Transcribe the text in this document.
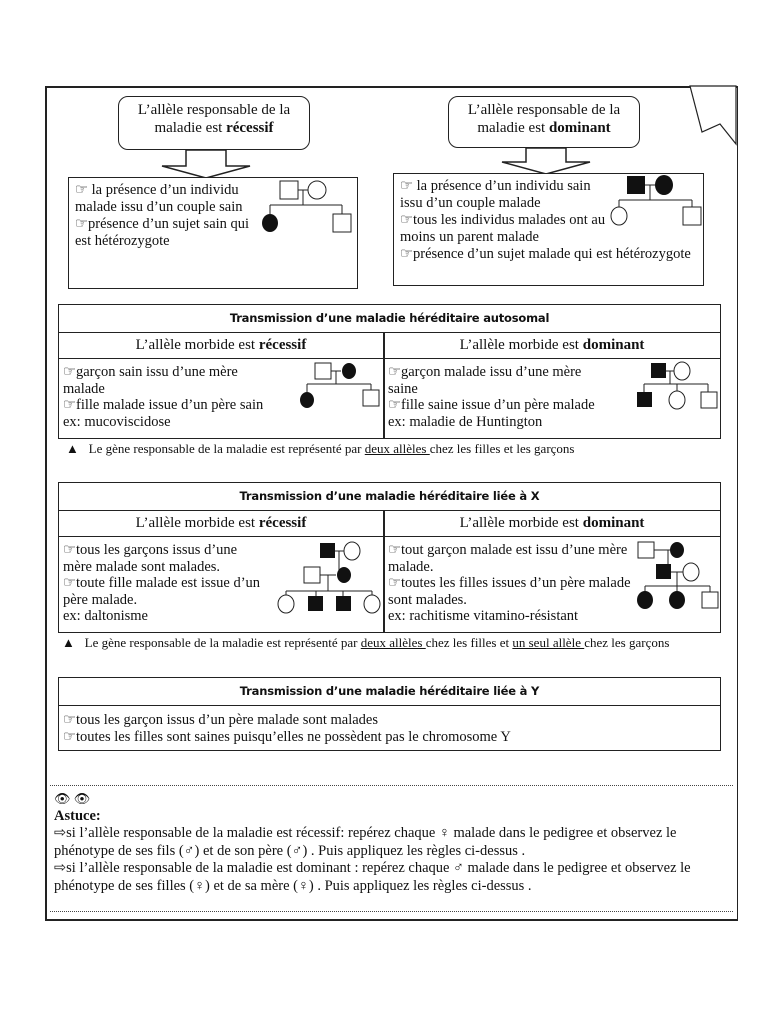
L’allèle responsable de la maladie est récessif
☞ la présence d’un individu malade issu d’un couple sain
☞présence d’un sujet sain qui est hétérozygote
L’allèle responsable de la maladie est dominant
☞ la présence d’un individu sain issu d’un couple malade
☞tous les individus malades ont au moins un parent malade
☞présence d’un sujet malade qui est hétérozygote
Transmission d’une maladie héréditaire autosomal
L’allèle morbide est récessif	L’allèle morbide est dominant
☞garçon sain issu d’une mère malade
☞fille malade issue d’un père sain
ex: mucoviscidose
☞garçon malade issu d’une mère saine
☞fille saine issue d’un père malade
ex: maladie de Huntington
▲ Le gène responsable de la maladie est représenté par deux allèles chez les filles et les garçons
Transmission d’une maladie héréditaire liée à X
L’allèle morbide est récessif	L’allèle morbide est dominant
☞tous les garçons issus d’une mère malade sont malades.
☞toute fille malade est issue d’un père malade.
ex: daltonisme
☞tout garçon malade est issu d’une mère malade.
☞toutes les filles issues d’un père malade sont malades.
ex: rachitisme vitamino-résistant
▲ Le gène responsable de la maladie est représenté par deux allèles chez les filles et un seul allèle chez les garçons
Transmission d’une maladie héréditaire liée à Y
☞tous les garçon issus d’un père malade sont malades
☞toutes les filles sont saines puisqu’elles ne possèdent pas le chromosome Y
👁 👁
Astuce:
⇨si l’allèle responsable de la maladie est récessif: repérez chaque ♀ malade dans le pedigree et observez le phénotype de ses fils (♂) et de son père (♂) . Puis appliquez les règles ci-dessus .
⇨si l’allèle responsable de la maladie est dominant : repérez chaque ♂ malade dans le pedigree et observez le phénotype de ses filles (♀) et de sa mère (♀) . Puis appliquez les règles ci-dessus .
